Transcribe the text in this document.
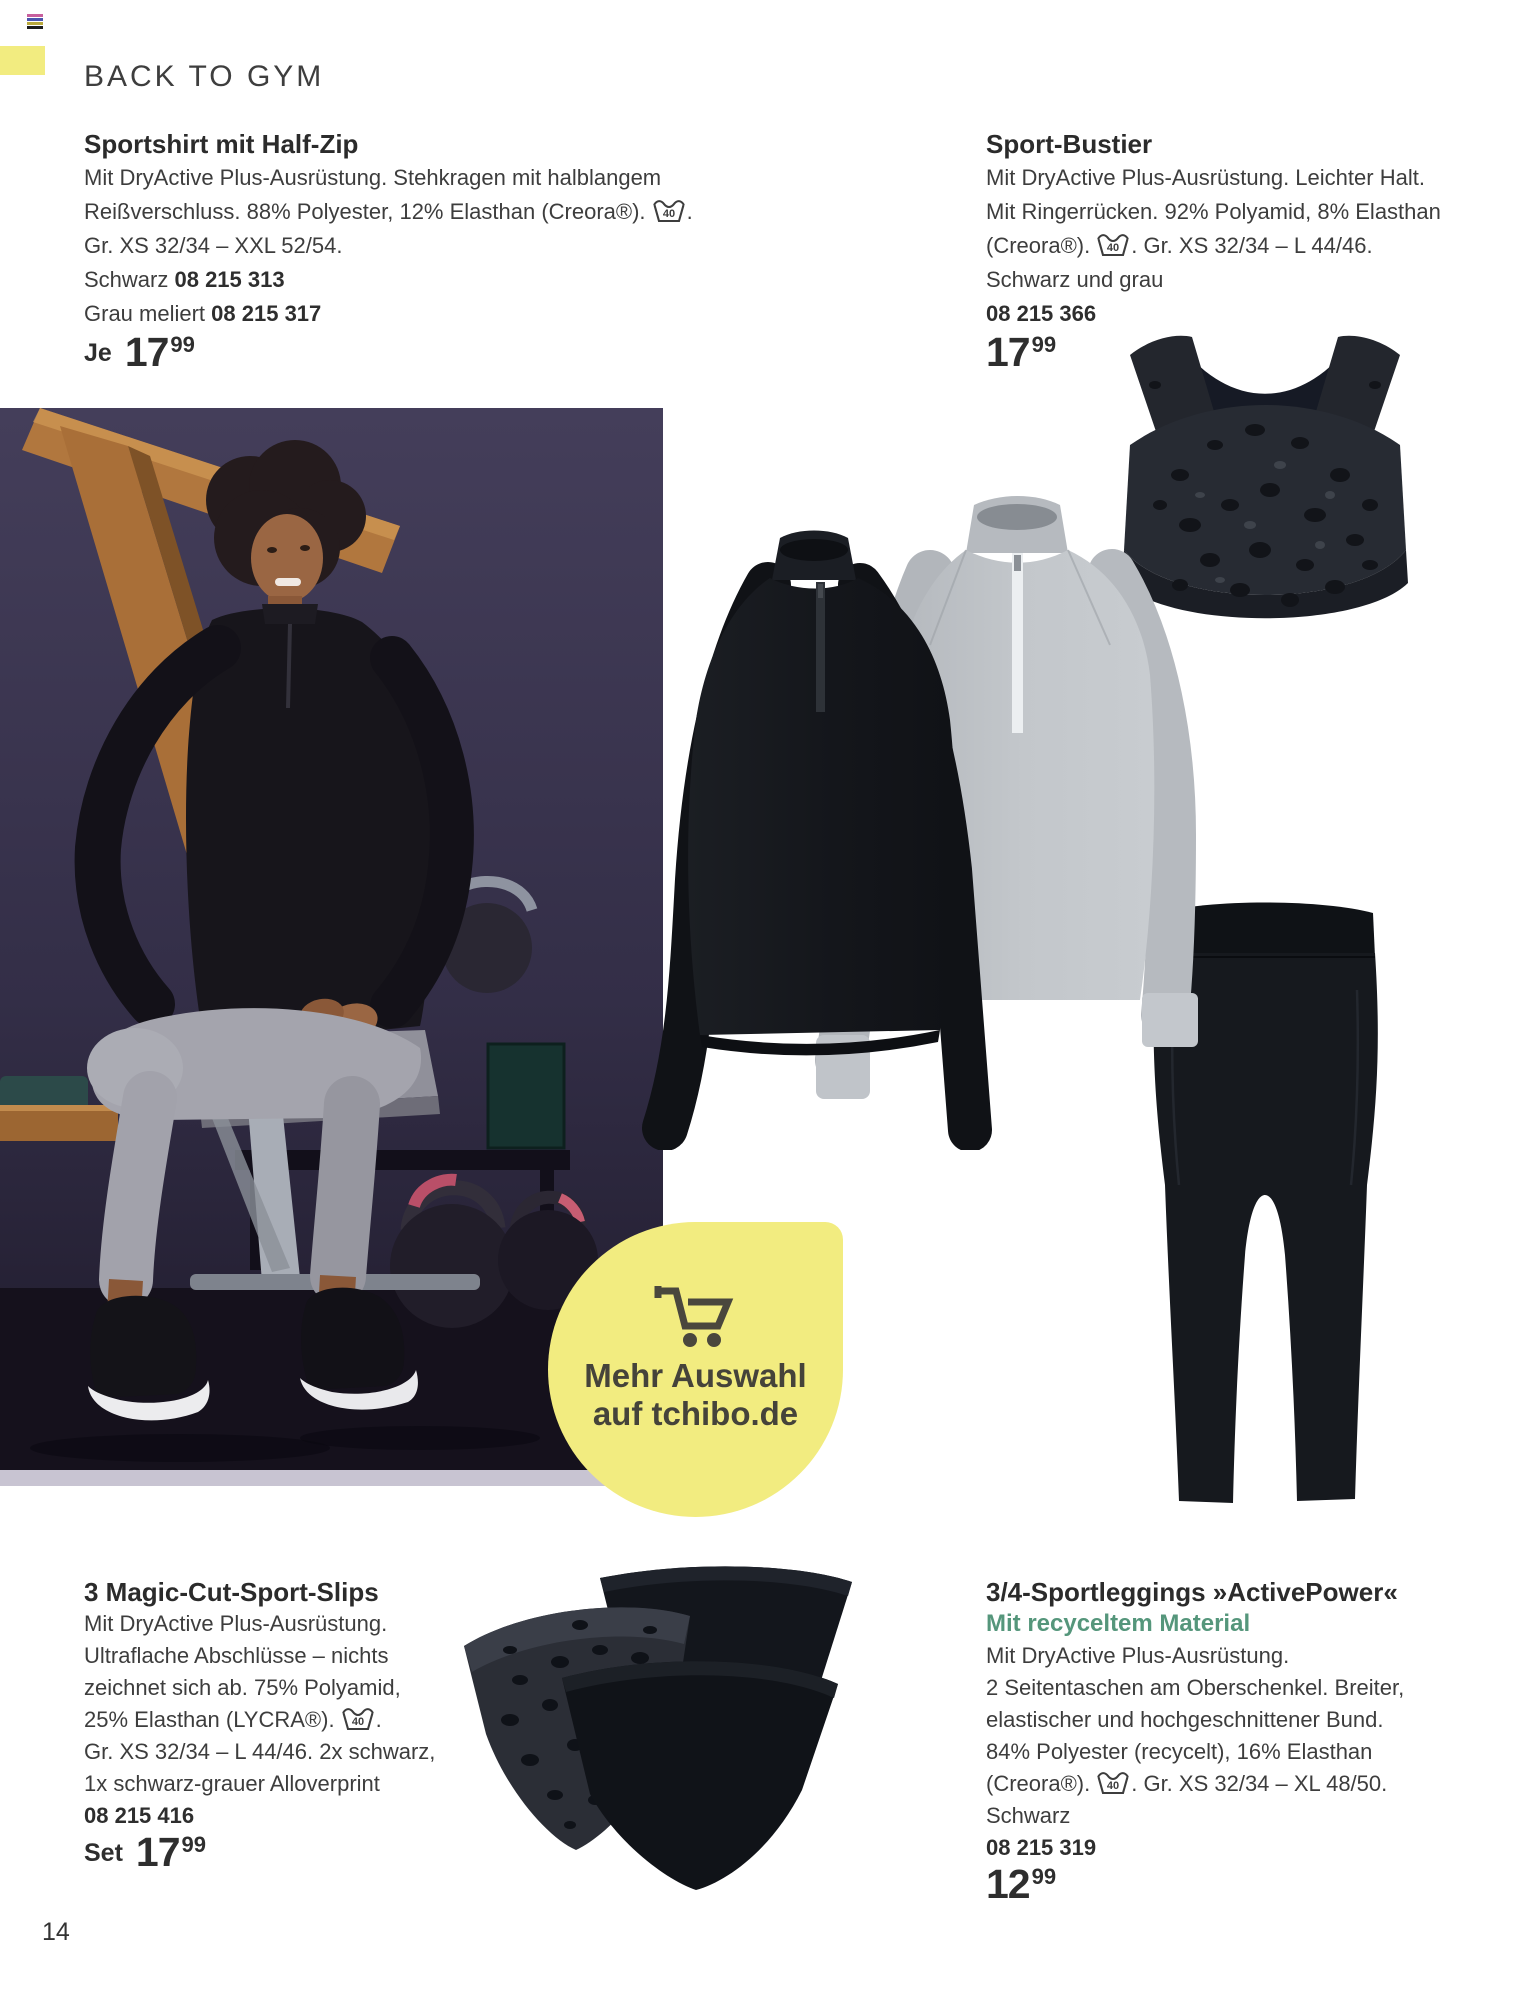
BACK TO GYM
Sportshirt mit Half-Zip
Mit DryActive Plus-Ausrüstung. Stehkragen mit halblangem
Reißverschluss. 88% Polyester, 12% Elasthan (Creora®). 40 .
Gr. XS 32/34 – XXL 52/54.
Schwarz 08 215 313
Grau meliert 08 215 317
Je 1799
Sport-Bustier
Mit DryActive Plus-Ausrüstung. Leichter Halt.
Mit Ringerrücken. 92% Polyamid, 8% Elasthan
(Creora®). 40 . Gr. XS 32/34 – L 44/46.
Schwarz und grau
08 215 366
1799
Mehr Auswahl
auf tchibo.de
3 Magic-Cut-Sport-Slips
Mit DryActive Plus-Ausrüstung.
Ultraflache Abschlüsse – nichts
zeichnet sich ab. 75% Polyamid,
25% Elasthan (LYCRA®). 40 .
Gr. XS 32/34 – L 44/46. 2x schwarz,
1x schwarz-grauer Alloverprint
08 215 416
Set 1799
3/4-Sportleggings »ActivePower«
Mit recyceltem Material
Mit DryActive Plus-Ausrüstung.
2 Seitentaschen am Oberschenkel. Breiter,
elastischer und hochgeschnittener Bund.
84% Polyester (recycelt), 16% Elasthan
(Creora®). 40 . Gr. XS 32/34 – XL 48/50.
Schwarz
08 215 319
1299
14
